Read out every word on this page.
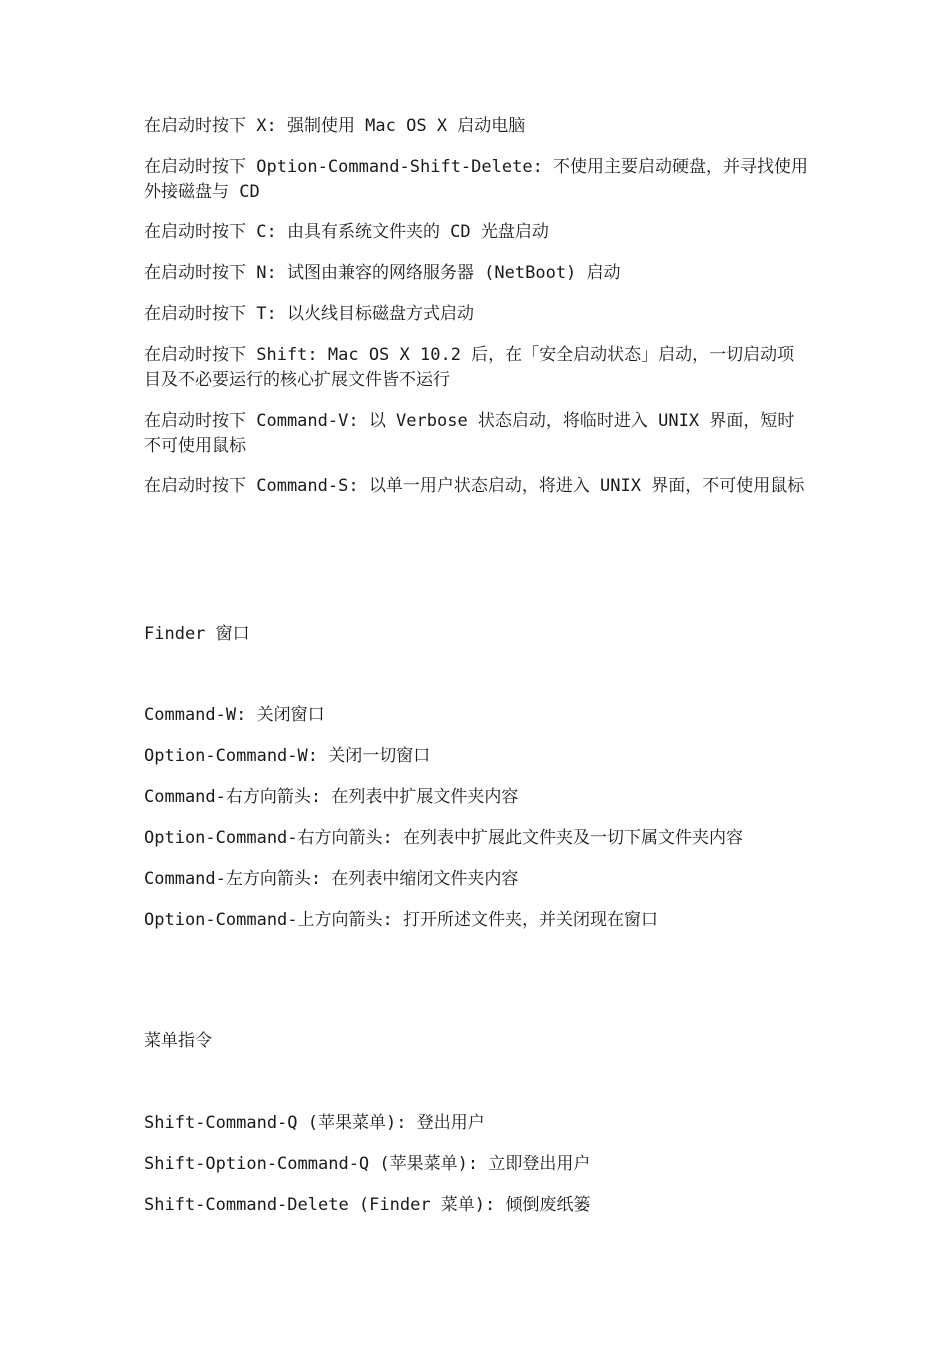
在启动时按下 X: 强制使用 Mac OS X 启动电脑

在启动时按下 Option-Command-Shift-Delete: 不使用主要启动硬盘，并寻找使用外接磁盘与 CD

在启动时按下 C: 由具有系统文件夹的 CD 光盘启动

在启动时按下 N: 试图由兼容的网络服务器 (NetBoot) 启动

在启动时按下 T: 以火线目标磁盘方式启动

在启动时按下 Shift: Mac OS X 10.2 后，在「安全启动状态」启动，一切启动项目及不必要运行的核心扩展文件皆不运行

在启动时按下 Command-V: 以 Verbose 状态启动，将临时进入 UNIX 界面，短时不可使用鼠标

在启动时按下 Command-S: 以单一用户状态启动，将进入 UNIX 界面，不可使用鼠标

Finder 窗口

Command-W: 关闭窗口

Option-Command-W: 关闭一切窗口

Command-右方向箭头: 在列表中扩展文件夹内容

Option-Command-右方向箭头: 在列表中扩展此文件夹及一切下属文件夹内容

Command-左方向箭头: 在列表中缩闭文件夹内容

Option-Command-上方向箭头: 打开所述文件夹，并关闭现在窗口

菜单指令

Shift-Command-Q (苹果菜单): 登出用户

Shift-Option-Command-Q (苹果菜单): 立即登出用户

Shift-Command-Delete (Finder 菜单): 倾倒废纸篓
